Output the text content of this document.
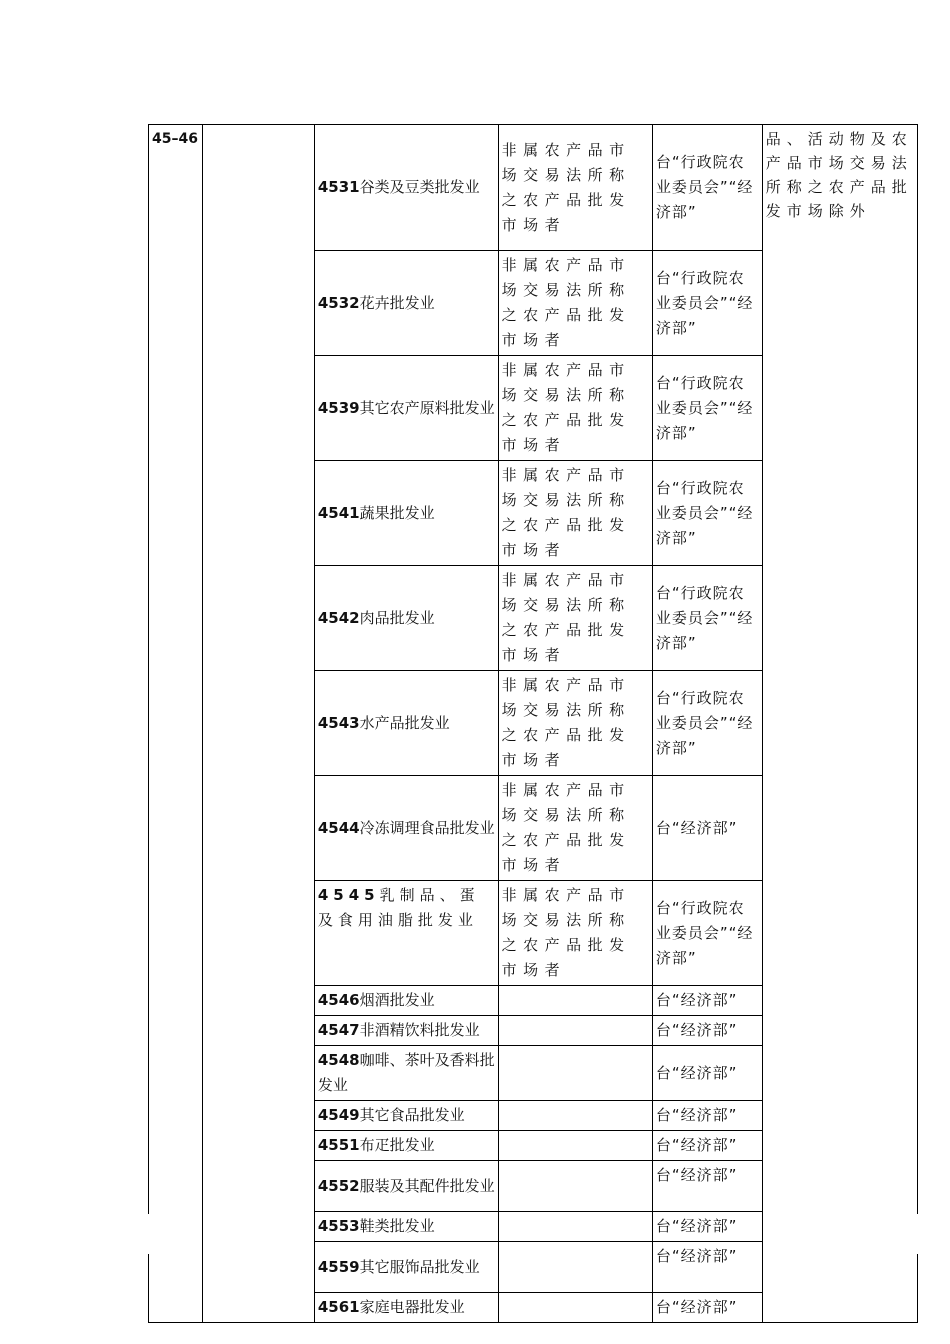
45–46		4531谷类及豆类批发业	非属农产品市场交易法所称之农产品批发市场者	台“行政院农业委员会”“经济部”	品、活动物及农产品市场交易法所称之农产品批发市场除外
		4532花卉批发业	非属农产品市场交易法所称之农产品批发市场者	台“行政院农业委员会”“经济部”	
		4539其它农产原料批发业	非属农产品市场交易法所称之农产品批发市场者	台“行政院农业委员会”“经济部”	
		4541蔬果批发业	非属农产品市场交易法所称之农产品批发市场者	台“行政院农业委员会”“经济部”	
		4542肉品批发业	非属农产品市场交易法所称之农产品批发市场者	台“行政院农业委员会”“经济部”	
		4543水产品批发业	非属农产品市场交易法所称之农产品批发市场者	台“行政院农业委员会”“经济部”	
		4544冷冻调理食品批发业	非属农产品市场交易法所称之农产品批发市场者	台“经济部”	
		4545乳制品、蛋及食用油脂批发业	非属农产品市场交易法所称之农产品批发市场者	台“行政院农业委员会”“经济部”	
		4546烟酒批发业		台“经济部”	
		4547非酒精饮料批发业		台“经济部”	
		4548咖啡、茶叶及香料批发业		台“经济部”	
		4549其它食品批发业		台“经济部”	
		4551布疋批发业		台“经济部”	
		4552服装及其配件批发业		台“经济部”	
		4553鞋类批发业		台“经济部”	
		4559其它服饰品批发业		台“经济部”	
		4561家庭电器批发业		台“经济部”	
